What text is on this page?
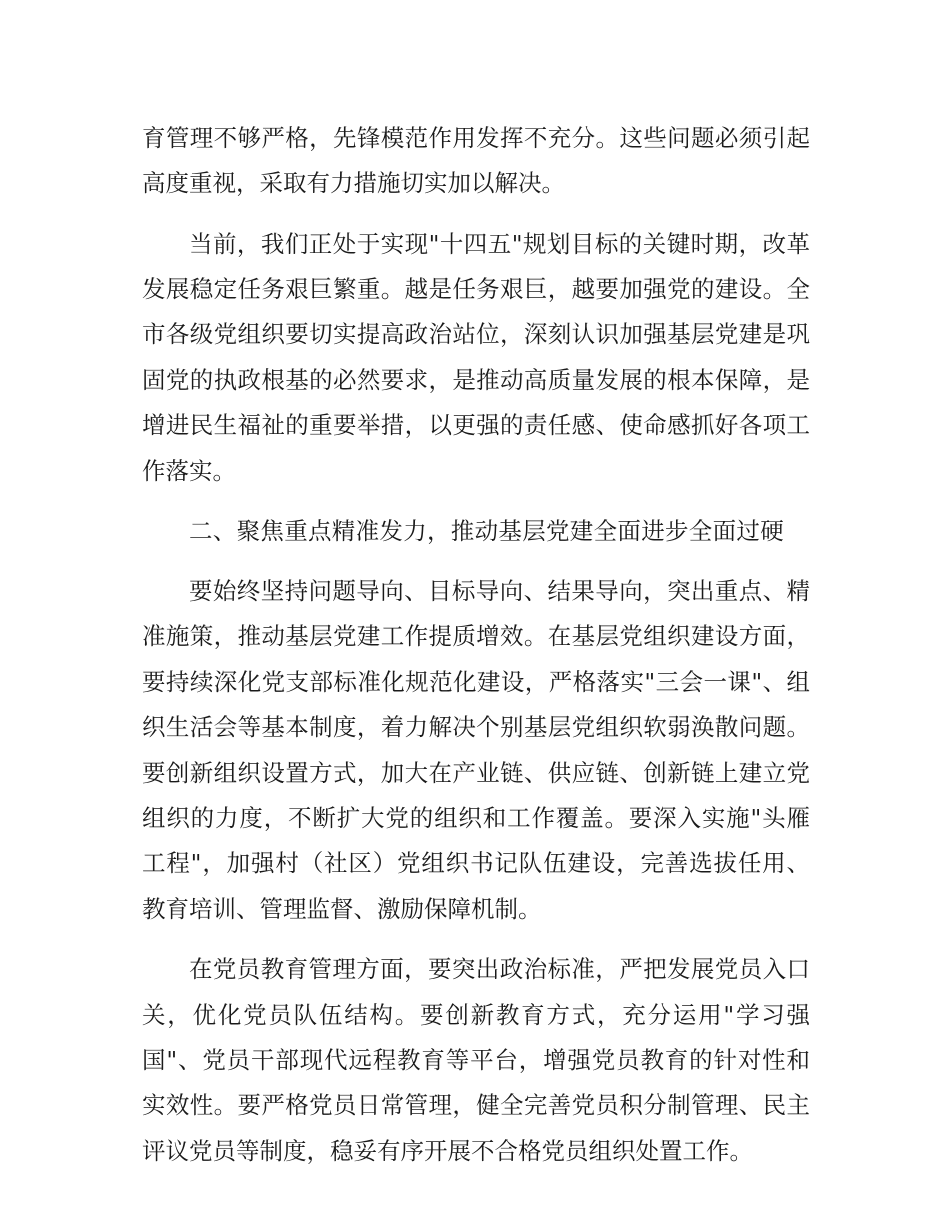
育管理不够严格，先锋模范作用发挥不充分。这些问题必须引起高度重视，采取有力措施切实加以解决。

当前，我们正处于实现"十四五"规划目标的关键时期，改革发展稳定任务艰巨繁重。越是任务艰巨，越要加强党的建设。全市各级党组织要切实提高政治站位，深刻认识加强基层党建是巩固党的执政根基的必然要求，是推动高质量发展的根本保障，是增进民生福祉的重要举措，以更强的责任感、使命感抓好各项工作落实。

二、聚焦重点精准发力，推动基层党建全面进步全面过硬

要始终坚持问题导向、目标导向、结果导向，突出重点、精准施策，推动基层党建工作提质增效。在基层党组织建设方面，要持续深化党支部标准化规范化建设，严格落实"三会一课"、组织生活会等基本制度，着力解决个别基层党组织软弱涣散问题。要创新组织设置方式，加大在产业链、供应链、创新链上建立党组织的力度，不断扩大党的组织和工作覆盖。要深入实施"头雁工程"，加强村（社区）党组织书记队伍建设，完善选拔任用、教育培训、管理监督、激励保障机制。

在党员教育管理方面，要突出政治标准，严把发展党员入口关，优化党员队伍结构。要创新教育方式，充分运用"学习强国"、党员干部现代远程教育等平台，增强党员教育的针对性和实效性。要严格党员日常管理，健全完善党员积分制管理、民主评议党员等制度，稳妥有序开展不合格党员组织处置工作。
